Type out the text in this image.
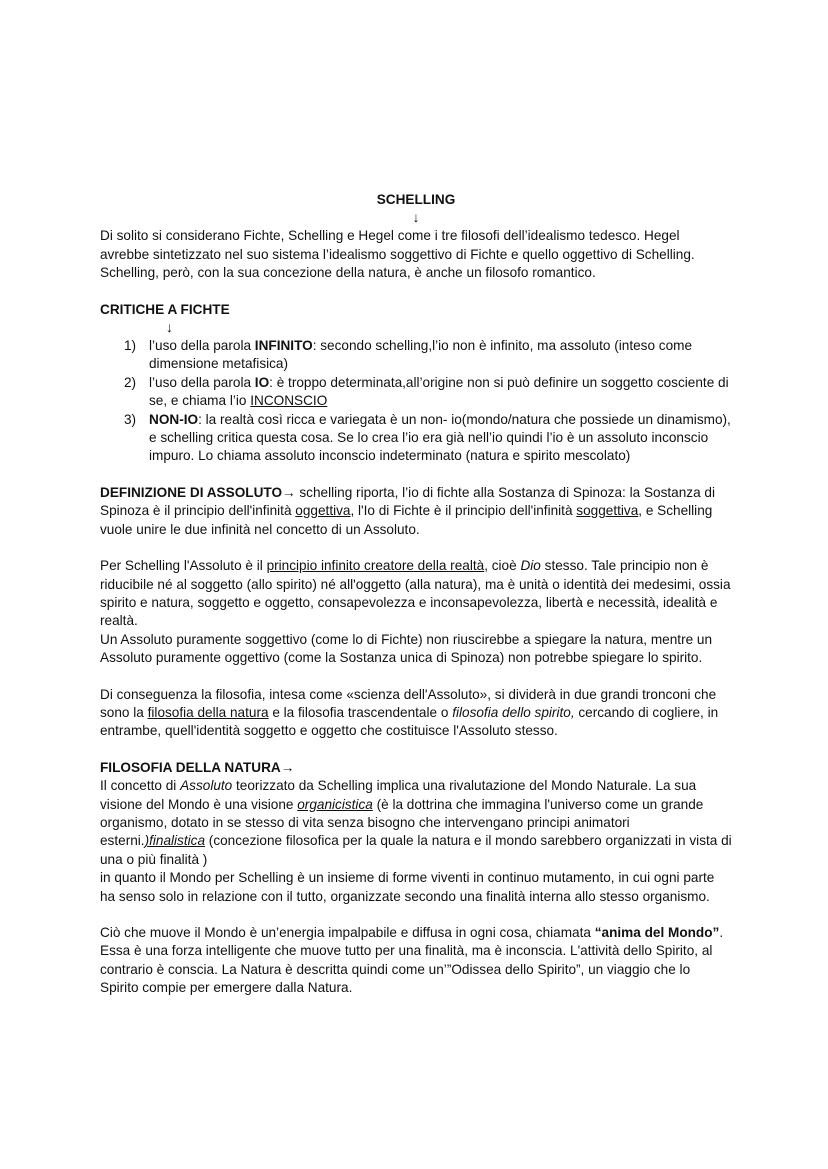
SCHELLING
↓

Di solito si considerano Fichte, Schelling e Hegel come i tre filosofi dell’idealismo tedesco. Hegel avrebbe sintetizzato nel suo sistema l’idealismo soggettivo di Fichte e quello oggettivo di Schelling. Schelling, però, con la sua concezione della natura, è anche un filosofo romantico.

CRITICHE A FICHTE
↓
1) l’uso della parola INFINITO: secondo schelling,l’io non è infinito, ma assoluto (inteso come dimensione metafisica)
2) l’uso della parola IO: è troppo determinata,all’origine non si può definire un soggetto cosciente di se, e chiama l’io INCONSCIO
3) NON-IO: la realtà così ricca e variegata è un non- io(mondo/natura che possiede un dinamismo), e schelling critica questa cosa. Se lo crea l’io era già nell’io quindi l’io è un assoluto inconscio impuro. Lo chiama assoluto inconscio indeterminato (natura e spirito mescolato)

DEFINIZIONE DI ASSOLUTO→ schelling riporta, l’io di fichte alla Sostanza di Spinoza: la Sostanza di Spinoza è il principio dell'infinità oggettiva, l'Io di Fichte è il principio dell'infinità soggettiva, e Schelling vuole unire le due infinità nel concetto di un Assoluto.

Per Schelling l'Assoluto è il principio infinito creatore della realtà, cioè Dio stesso. Tale principio non è riducibile né al soggetto (allo spirito) né all'oggetto (alla natura), ma è unità o identità dei medesimi, ossia spirito e natura, soggetto e oggetto, consapevolezza e inconsapevolezza, libertà e necessità, idealità e realtà.

Un Assoluto puramente soggettivo (come lo di Fichte) non riuscirebbe a spiegare la natura, mentre un Assoluto puramente oggettivo (come la Sostanza unica di Spinoza) non potrebbe spiegare lo spirito.

Di conseguenza la filosofia, intesa come «scienza dell'Assoluto», si dividerà in due grandi tronconi che sono la filosofia della natura e la filosofia trascendentale o filosofia dello spirito, cercando di cogliere, in entrambe, quell'identità soggetto e oggetto che costituisce l'Assoluto stesso.

FILOSOFIA DELLA NATURA→

Il concetto di Assoluto teorizzato da Schelling implica una rivalutazione del Mondo Naturale. La sua visione del Mondo è una visione organicistica (è la dottrina che immagina l'universo come un grande organismo, dotato in se stesso di vita senza bisogno che intervengano principi animatori esterni.)finalistica (concezione filosofica per la quale la natura e il mondo sarebbero organizzati in vista di una o più finalità )

in quanto il Mondo per Schelling è un insieme di forme viventi in continuo mutamento, in cui ogni parte ha senso solo in relazione con il tutto, organizzate secondo una finalità interna allo stesso organismo.

Ciò che muove il Mondo è un’energia impalpabile e diffusa in ogni cosa, chiamata “anima del Mondo”. Essa è una forza intelligente che muove tutto per una finalità, ma è inconscia. L'attività dello Spirito, al contrario è conscia. La Natura è descritta quindi come un’”Odissea dello Spirito”, un viaggio che lo Spirito compie per emergere dalla Natura.
